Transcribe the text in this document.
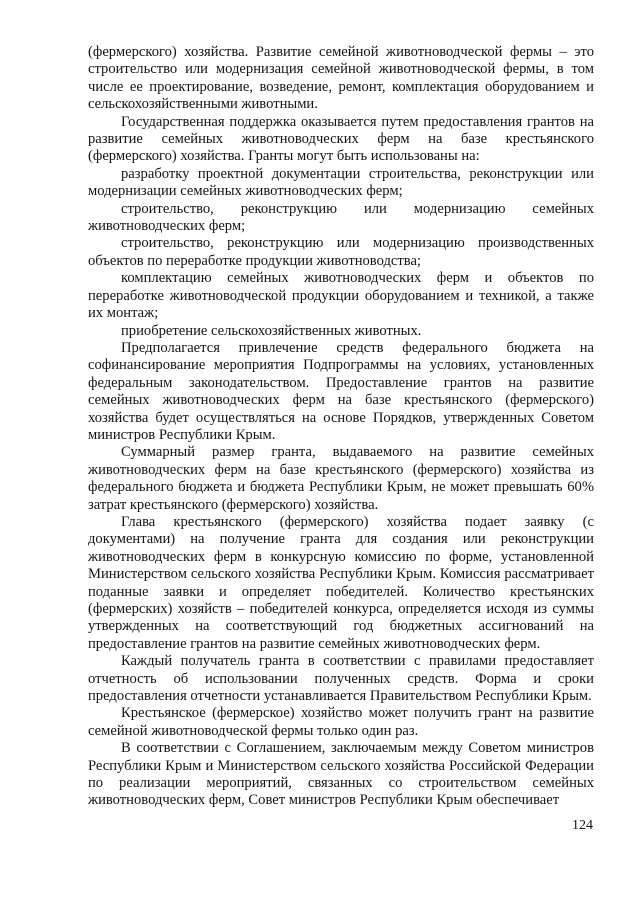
(фермерского) хозяйства. Развитие семейной животноводческой фермы – это строительство или модернизация семейной животноводческой фермы, в том числе ее проектирование, возведение, ремонт, комплектация оборудованием и сельскохозяйственными животными.

Государственная поддержка оказывается путем предоставления грантов на развитие семейных животноводческих ферм на базе крестьянского (фермерского) хозяйства. Гранты могут быть использованы на:

разработку проектной документации строительства, реконструкции или модернизации семейных животноводческих ферм;

строительство, реконструкцию или модернизацию семейных животноводческих ферм;

строительство, реконструкцию или модернизацию производственных объектов по переработке продукции животноводства;

комплектацию семейных животноводческих ферм и объектов по переработке животноводческой продукции оборудованием и техникой, а также их монтаж;

приобретение сельскохозяйственных животных.

Предполагается привлечение средств федерального бюджета на софинансирование мероприятия Подпрограммы на условиях, установленных федеральным законодательством. Предоставление грантов на развитие семейных животноводческих ферм на базе крестьянского (фермерского) хозяйства будет осуществляться на основе Порядков, утвержденных Советом министров Республики Крым.

Суммарный размер гранта, выдаваемого на развитие семейных животноводческих ферм на базе крестьянского (фермерского) хозяйства из федерального бюджета и бюджета Республики Крым, не может превышать 60% затрат крестьянского (фермерского) хозяйства.

Глава крестьянского (фермерского) хозяйства подает заявку (с документами) на получение гранта для создания или реконструкции животноводческих ферм в конкурсную комиссию по форме, установленной Министерством сельского хозяйства Республики Крым. Комиссия рассматривает поданные заявки и определяет победителей. Количество крестьянских (фермерских) хозяйств – победителей конкурса, определяется исходя из суммы утвержденных на соответствующий год бюджетных ассигнований на предоставление грантов на развитие семейных животноводческих ферм.

Каждый получатель гранта в соответствии с правилами предоставляет отчетность об использовании полученных средств. Форма и сроки предоставления отчетности устанавливается Правительством Республики Крым.

Крестьянское (фермерское) хозяйство может получить грант на развитие семейной животноводческой фермы только один раз.

В соответствии с Соглашением, заключаемым между Советом министров Республики Крым и Министерством сельского хозяйства Российской Федерации по реализации мероприятий, связанных со строительством семейных животноводческих ферм, Совет министров Республики Крым обеспечивает

124
